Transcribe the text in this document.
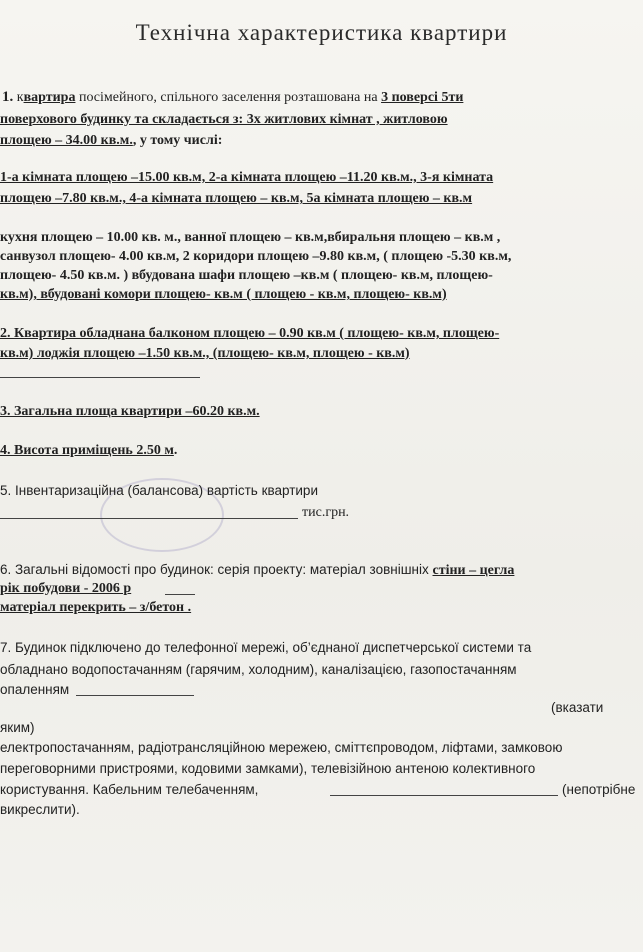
Технічна характеристика квартири
1. квартира посімейного, спільного заселення розташована на 3 поверсі 5ти
поверхового будинку та складається з: 3х житлових кімнат , житловою
площею – 34.00 кв.м., у тому числі:
1-а кімната площею –15.00 кв.м, 2-а кімната площею –11.20 кв.м., 3-я кімната
площею –7.80 кв.м., 4-а кімната площею – кв.м, 5а кімната площею – кв.м
кухня площею – 10.00 кв. м., ванної площею – кв.м,вбиральня площею – кв.м ,
санвузол площею- 4.00 кв.м, 2 коридори площею –9.80 кв.м, ( площею -5.30 кв.м,
площею- 4.50 кв.м. ) вбудована шафи площею –кв.м ( площею- кв.м, площею-
кв.м), вбудовані комори площею- кв.м ( площею - кв.м, площею- кв.м)
2. Квартира обладнана балконом площею – 0.90 кв.м ( площею- кв.м, площею-
кв.м) лоджія площею –1.50 кв.м., (площею- кв.м, площею - кв.м)
3. Загальна площа квартири –60.20 кв.м.
4. Висота приміщень 2.50 м.
5. Інвентаризаційна (балансова) вартість квартири
тис.грн.
6. Загальні відомості про будинок: серія проекту: матеріал зовнішніх стіни – цегла
рік побудови - 2006 р
матеріал перекрить – з/бетон .
7. Будинок підключено до телефонної мережі, об’єднаної диспетчерської системи та
обладнано водопостачанням (гарячим, холодним), каналізацією, газопостачанням
опаленням
(вказати
яким)
електропостачанням, радіотрансляційною мережею, сміттєпроводом, ліфтами, замковою
переговорними пристроями, кодовими замками), телевізійною антеною колективного
користування. Кабельним телебаченням,	(непотрібне
викреслити).
